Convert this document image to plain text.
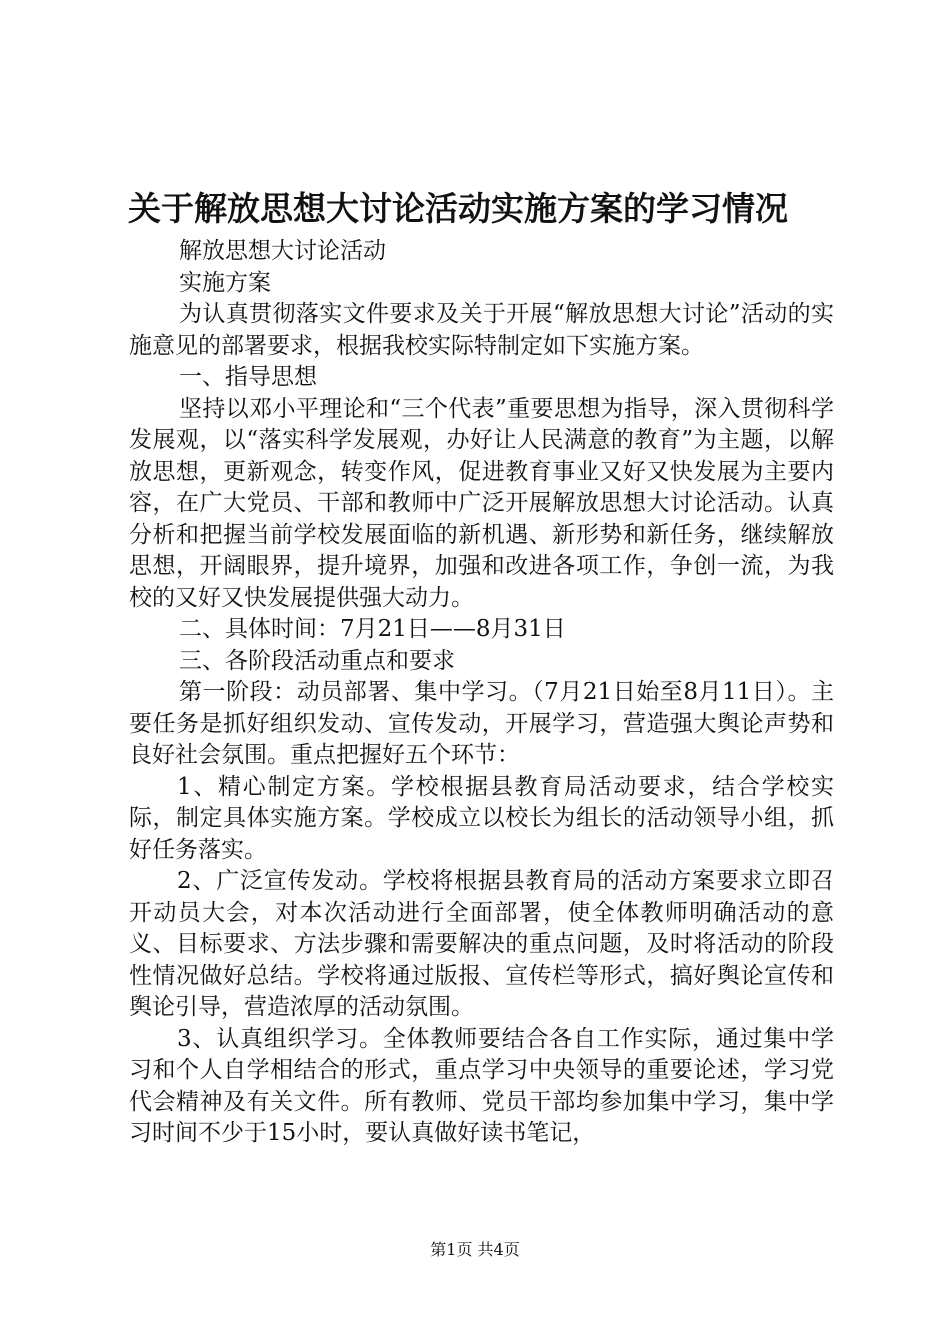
关于解放思想大讨论活动实施方案的学习情况

解放思想大讨论活动

实施方案

为认真贯彻落实文件要求及关于开展“解放思想大讨论”活动的实施意见的部署要求，根据我校实际特制定如下实施方案。

一、指导思想

坚持以邓小平理论和“三个代表”重要思想为指导，深入贯彻科学发展观，以“落实科学发展观，办好让人民满意的教育”为主题，以解放思想，更新观念，转变作风，促进教育事业又好又快发展为主要内容，在广大党员、干部和教师中广泛开展解放思想大讨论活动。认真分析和把握当前学校发展面临的新机遇、新形势和新任务，继续解放思想，开阔眼界，提升境界，加强和改进各项工作，争创一流，为我校的又好又快发展提供强大动力。

二、具体时间：7月21日——8月31日

三、各阶段活动重点和要求

第一阶段：动员部署、集中学习。（7月21日始至8月11日）。主要任务是抓好组织发动、宣传发动，开展学习，营造强大舆论声势和良好社会氛围。重点把握好五个环节：

1、精心制定方案。学校根据县教育局活动要求，结合学校实际，制定具体实施方案。学校成立以校长为组长的活动领导小组，抓好任务落实。

2、广泛宣传发动。学校将根据县教育局的活动方案要求立即召开动员大会，对本次活动进行全面部署，使全体教师明确活动的意义、目标要求、方法步骤和需要解决的重点问题，及时将活动的阶段性情况做好总结。学校将通过版报、宣传栏等形式，搞好舆论宣传和舆论引导，营造浓厚的活动氛围。

3、认真组织学习。全体教师要结合各自工作实际，通过集中学习和个人自学相结合的形式，重点学习中央领导的重要论述，学习党代会精神及有关文件。所有教师、党员干部均参加集中学习，集中学习时间不少于15小时，要认真做好读书笔记，

第1页 共4页
